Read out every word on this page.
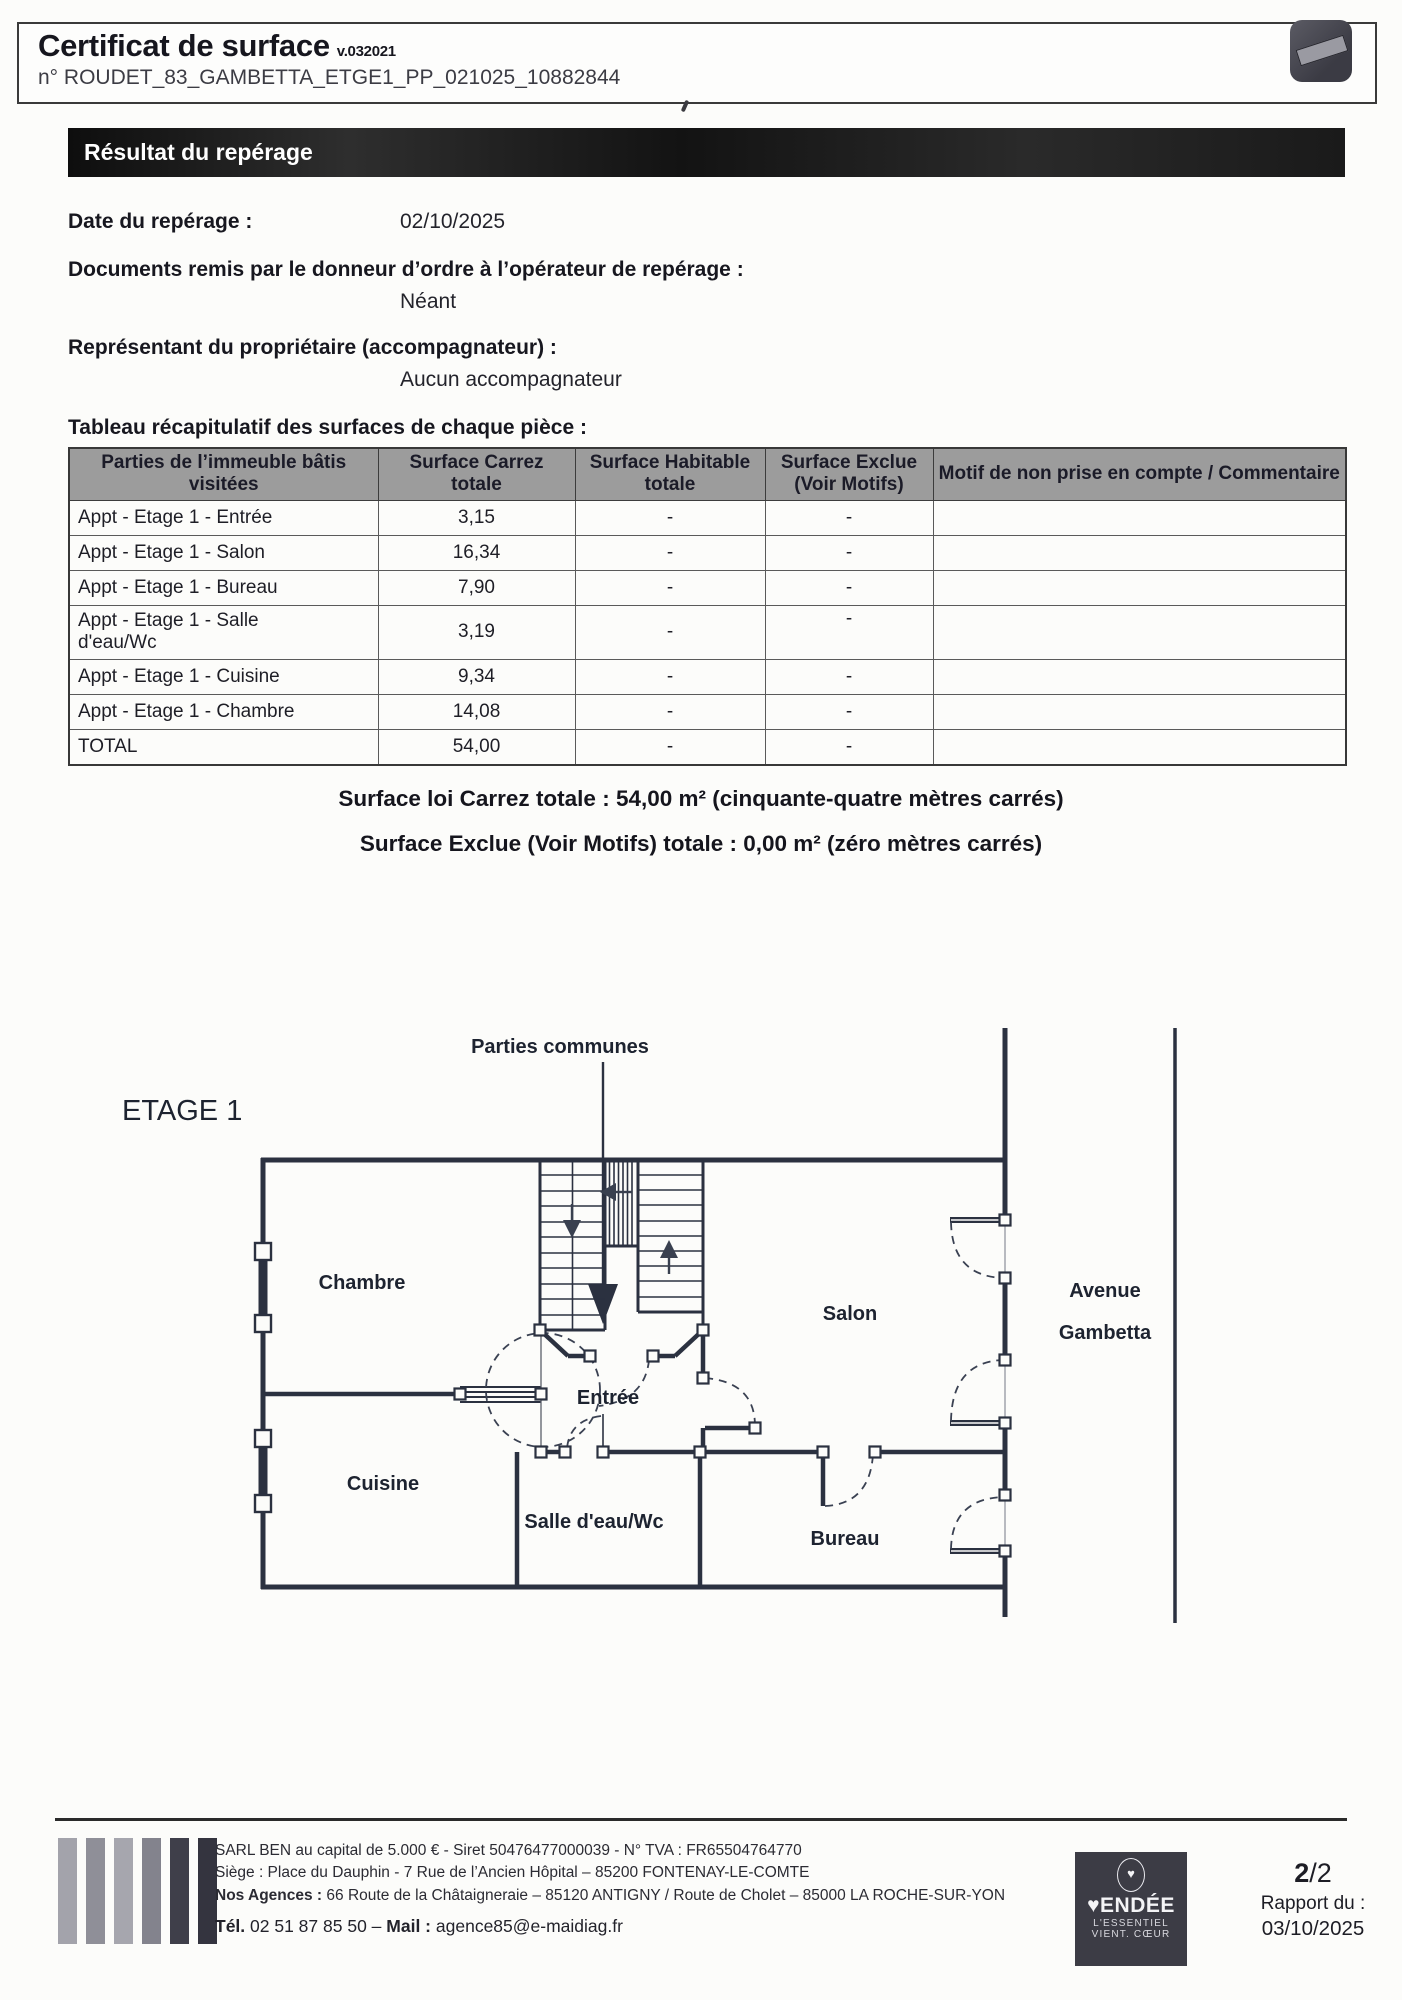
Certificat de surface v.032021
n° ROUDET_83_GAMBETTA_ETGE1_PP_021025_10882844
Résultat du repérage
Date du repérage :	02/10/2025
Documents remis par le donneur d’ordre à l’opérateur de repérage :
Néant
Représentant du propriétaire (accompagnateur) :
Aucun accompagnateur
Tableau récapitulatif des surfaces de chaque pièce :
Parties de l’immeuble bâtis visitées	Surface Carrez totale	Surface Habitable totale	Surface Exclue (Voir Motifs)	Motif de non prise en compte / Commentaire
Appt - Etage 1 - Entrée	3,15	-	-	
Appt - Etage 1 - Salon	16,34	-	-	
Appt - Etage 1 - Bureau	7,90	-	-	

Appt - Etage 1 - Salle d'eau/Wc	3,19	-	-	
Appt - Etage 1 - Cuisine	9,34	-	-	
Appt - Etage 1 - Chambre	14,08	-	-	
TOTAL	54,00	-	-	
Surface loi Carrez totale : 54,00 m² (cinquante-quatre mètres carrés)
Surface Exclue (Voir Motifs) totale : 0,00 m² (zéro mètres carrés)
ETAGE 1
Parties communes
Chambre
Salon
Entrée
Cuisine
Salle d'eau/Wc
Bureau
Avenue
Gambetta
SARL BEN au capital de 5.000 € - Siret 50476477000039 - N° TVA : FR65504764770
Siège : Place du Dauphin - 7 Rue de l’Ancien Hôpital – 85200 FONTENAY-LE-COMTE
Nos Agences : 66 Route de la Châtaigneraie – 85120 ANTIGNY / Route de Cholet – 85000 LA ROCHE-SUR-YON
Tél. 02 51 87 85 50 – Mail : agence85@e-maidiag.fr
♥
♥ENDÉE
L'ESSENTIEL
VIENT. CŒUR
2/2
Rapport du :
03/10/2025
